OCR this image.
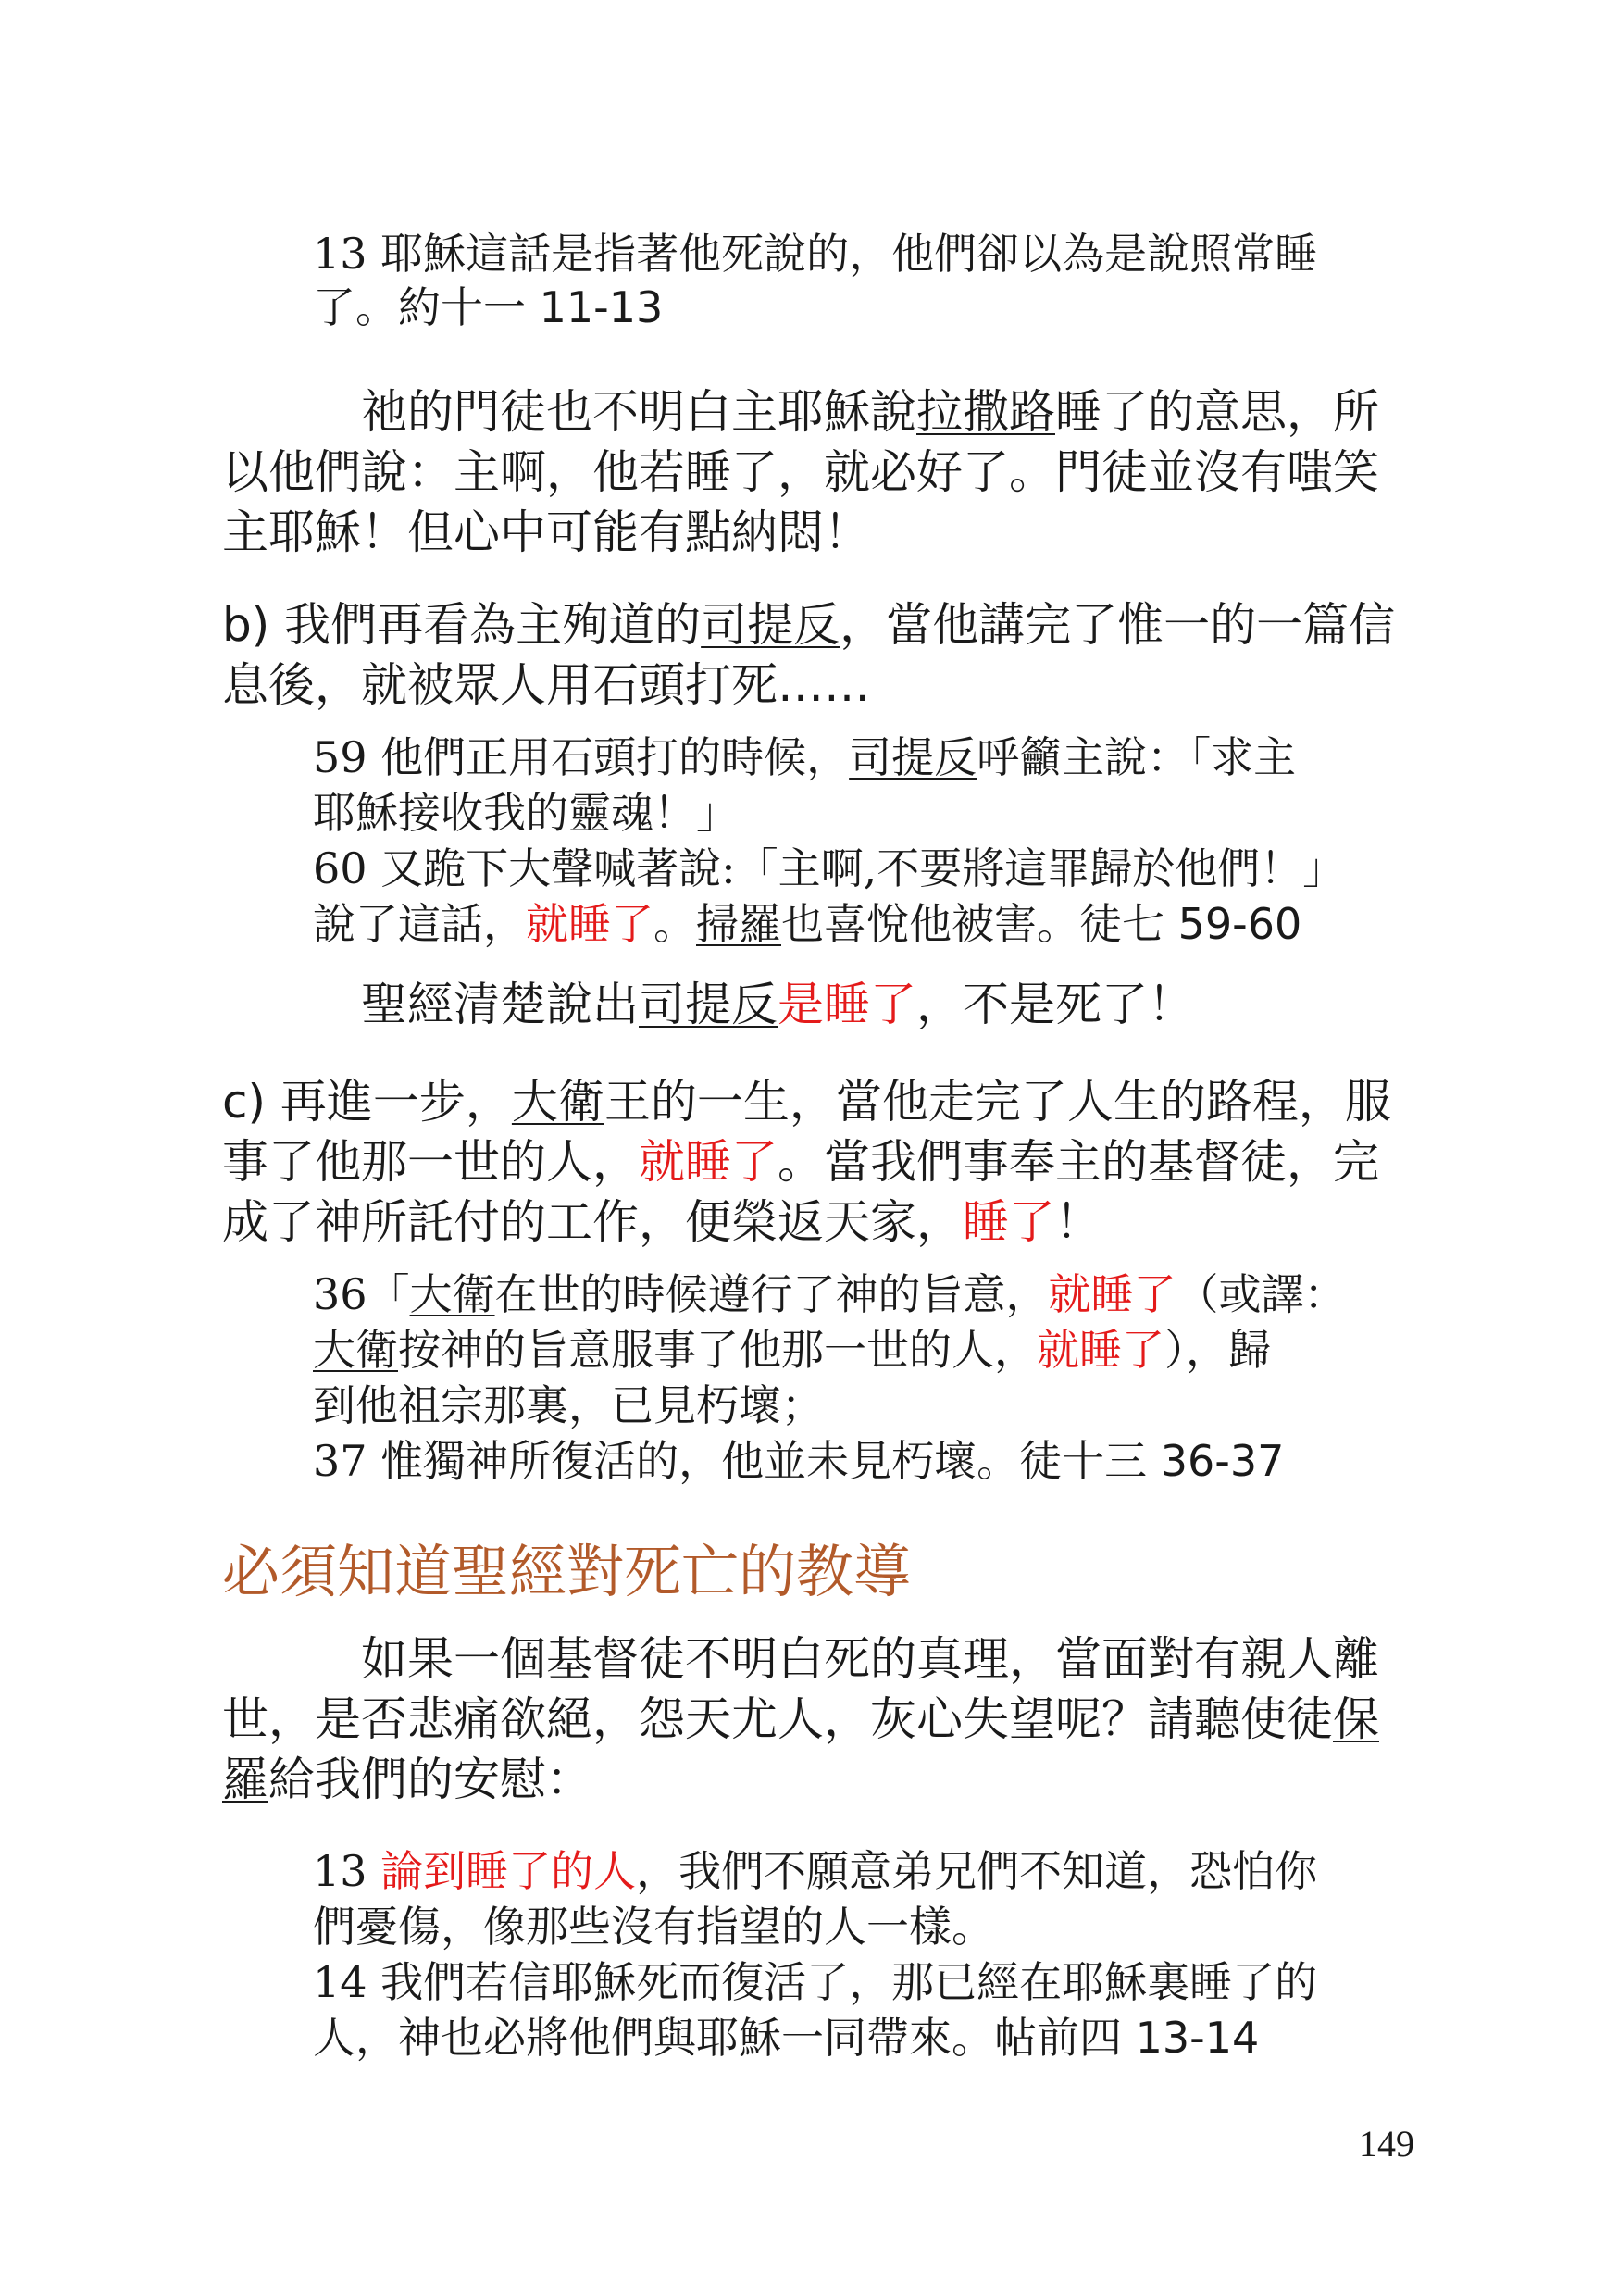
13 耶穌這話是指著他死說的，他們卻以為是說照常睡
了。約十一 11-13
祂的門徒也不明白主耶穌說拉撒路睡了的意思，所
以他們說：主啊，他若睡了，就必好了。門徒並沒有嗤笑
主耶穌！但心中可能有點納悶！
b) 我們再看為主殉道的司提反，當他講完了惟一的一篇信
息後，就被眾人用石頭打死……
59 他們正用石頭打的時候，司提反呼籲主說：「求主
耶穌接收我的靈魂！」
60 又跪下大聲喊著說:「主啊,不要將這罪歸於他們！」
說了這話，就睡了。掃羅也喜悅他被害。徒七 59-60
聖經清楚說出司提反是睡了，不是死了！
c) 再進一步，大衛王的一生，當他走完了人生的路程，服
事了他那一世的人，就睡了。當我們事奉主的基督徒，完
成了神所託付的工作，便榮返天家，睡了！
36「大衛在世的時候遵行了神的旨意，就睡了（或譯：
大衛按神的旨意服事了他那一世的人，就睡了），歸
到他祖宗那裏，已見朽壞；
37 惟獨神所復活的，他並未見朽壞。徒十三 36-37
必須知道聖經對死亡的教導
如果一個基督徒不明白死的真理，當面對有親人離
世，是否悲痛欲絕，怨天尤人，灰心失望呢？請聽使徒保
羅給我們的安慰：
13 論到睡了的人，我們不願意弟兄們不知道，恐怕你
們憂傷，像那些沒有指望的人一樣。
14 我們若信耶穌死而復活了，那已經在耶穌裏睡了的
人，神也必將他們與耶穌一同帶來。帖前四 13-14
149
